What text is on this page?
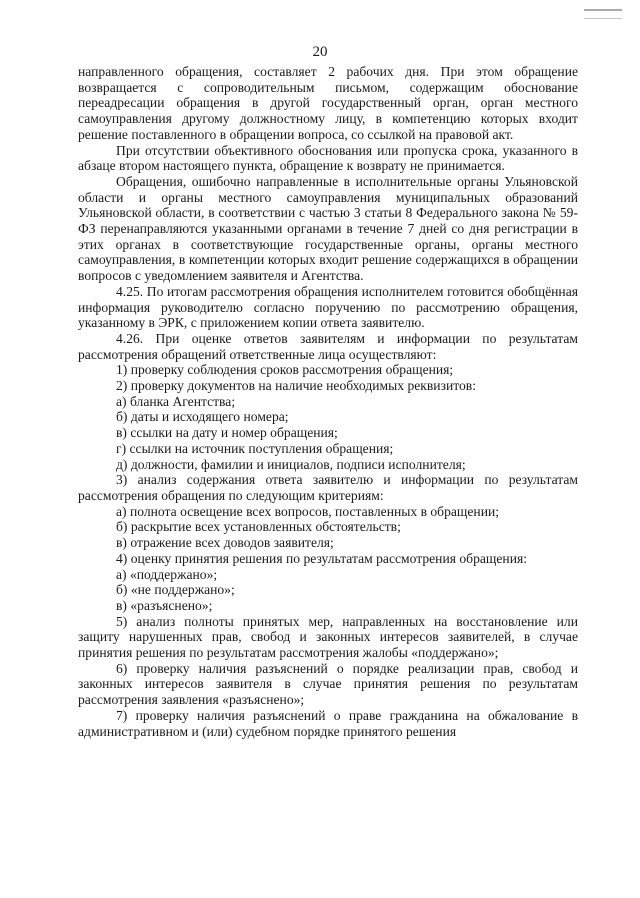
20

направленного обращения, составляет 2 рабочих дня. При этом обращение возвращается с сопроводительным письмом, содержащим обоснование переадресации обращения в другой государственный орган, орган местного самоуправления другому должностному лицу, в компетенцию которых входит решение поставленного в обращении вопроса, со ссылкой на правовой акт.

При отсутствии объективного обоснования или пропуска срока, указанного в абзаце втором настоящего пункта, обращение к возврату не принимается.

Обращения, ошибочно направленные в исполнительные органы Ульяновской области и органы местного самоуправления муниципальных образований Ульяновской области, в соответствии с частью 3 статьи 8 Федерального закона № 59-ФЗ перенаправляются указанными органами в течение 7 дней со дня регистрации в этих органах в соответствующие государственные органы, органы местного самоуправления, в компетенции которых входит решение содержащихся в обращении вопросов с уведомлением заявителя и Агентства.

4.25. По итогам рассмотрения обращения исполнителем готовится обобщённая информация руководителю согласно поручению по рассмотрению обращения, указанному в ЭРК, с приложением копии ответа заявителю.

4.26. При оценке ответов заявителям и информации по результатам рассмотрения обращений ответственные лица осуществляют:

1) проверку соблюдения сроков рассмотрения обращения;

2) проверку документов на наличие необходимых реквизитов:

а) бланка Агентства;

б) даты и исходящего номера;

в) ссылки на дату и номер обращения;

г) ссылки на источник поступления обращения;

д) должности, фамилии и инициалов, подписи исполнителя;

3) анализ содержания ответа заявителю и информации по результатам рассмотрения обращения по следующим критериям:

а) полнота освещение всех вопросов, поставленных в обращении;

б) раскрытие всех установленных обстоятельств;

в) отражение всех доводов заявителя;

4) оценку принятия решения по результатам рассмотрения обращения:

а) «поддержано»;

б) «не поддержано»;

в) «разъяснено»;

5) анализ полноты принятых мер, направленных на восстановление или защиту нарушенных прав, свобод и законных интересов заявителей, в случае принятия решения по результатам рассмотрения жалобы «поддержано»;

6) проверку наличия разъяснений о порядке реализации прав, свобод и законных интересов заявителя в случае принятия решения по результатам рассмотрения заявления «разъяснено»;

7) проверку наличия разъяснений о праве гражданина на обжалование в административном и (или) судебном порядке принятого решения
